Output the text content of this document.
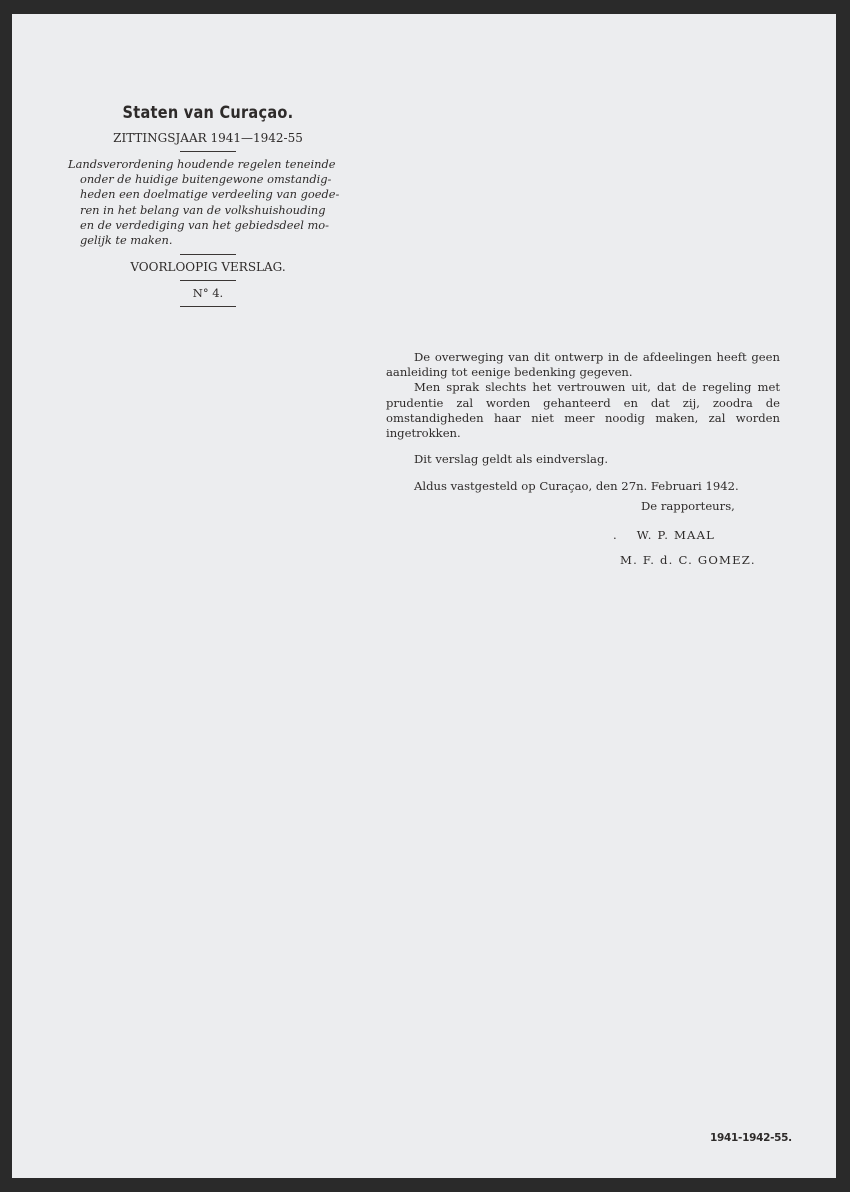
Staten van Curaçao.
ZITTINGSJAAR 1941—1942-55
Landsverordening houdende regelen teneinde
onder de huidige buitengewone omstandig-
heden een doelmatige verdeeling van goede-
ren in het belang van de volkshuishouding
en de verdediging van het gebiedsdeel mo-
gelijk te maken.
VOORLOOPIG VERSLAG.
N° 4.

De overweging van dit ontwerp in de afdeelingen heeft geen aanleiding tot eenige bedenking gegeven.

Men sprak slechts het vertrouwen uit, dat de regeling met prudentie zal worden gehanteerd en dat zij, zoodra de omstandigheden haar niet meer noodig maken, zal worden ingetrokken.

Dit verslag geldt als eindverslag.

Aldus vastgesteld op Curaçao, den 27n. Februari 1942.

De rapporteurs,
. W. P. MAAL
M. F. d. C. GOMEZ.
1941-1942-55.
